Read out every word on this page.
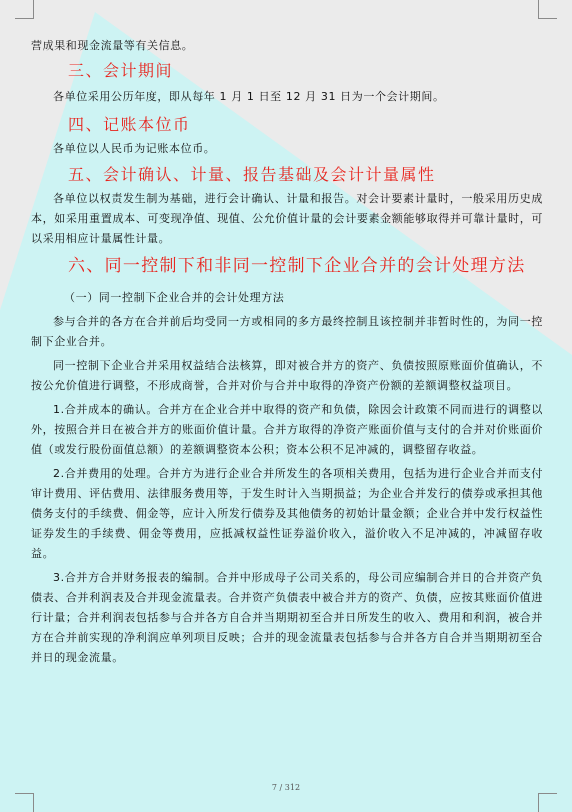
营成果和现金流量等有关信息。

三、会计期间

各单位采用公历年度，即从每年 1 月 1 日至 12 月 31 日为一个会计期间。

四、记账本位币

各单位以人民币为记账本位币。

五、会计确认、计量、报告基础及会计计量属性

各单位以权责发生制为基础，进行会计确认、计量和报告。对会计要素计量时，一般采用历史成本，如采用重置成本、可变现净值、现值、公允价值计量的会计要素金额能够取得并可靠计量时，可以采用相应计量属性计量。

六、同一控制下和非同一控制下企业合并的会计处理方法

（一）同一控制下企业合并的会计处理方法

参与合并的各方在合并前后均受同一方或相同的多方最终控制且该控制并非暂时性的，为同一控制下企业合并。

同一控制下企业合并采用权益结合法核算，即对被合并方的资产、负债按照原账面价值确认，不按公允价值进行调整，不形成商誉，合并对价与合并中取得的净资产份额的差额调整权益项目。

1.合并成本的确认。合并方在企业合并中取得的资产和负债，除因会计政策不同而进行的调整以外，按照合并日在被合并方的账面价值计量。合并方取得的净资产账面价值与支付的合并对价账面价值（或发行股份面值总额）的差额调整资本公积；资本公积不足冲减的，调整留存收益。

2.合并费用的处理。合并方为进行企业合并所发生的各项相关费用，包括为进行企业合并而支付审计费用、评估费用、法律服务费用等，于发生时计入当期损益；为企业合并发行的债券或承担其他债务支付的手续费、佣金等，应计入所发行债券及其他债务的初始计量金额；企业合并中发行权益性证券发生的手续费、佣金等费用，应抵减权益性证券溢价收入，溢价收入不足冲减的，冲减留存收益。

3.合并方合并财务报表的编制。合并中形成母子公司关系的，母公司应编制合并日的合并资产负债表、合并利润表及合并现金流量表。合并资产负债表中被合并方的资产、负债，应按其账面价值进行计量；合并利润表包括参与合并各方自合并当期期初至合并日所发生的收入、费用和利润，被合并方在合并前实现的净利润应单列项目反映；合并的现金流量表包括参与合并各方自合并当期期初至合并日的现金流量。

7 / 312
